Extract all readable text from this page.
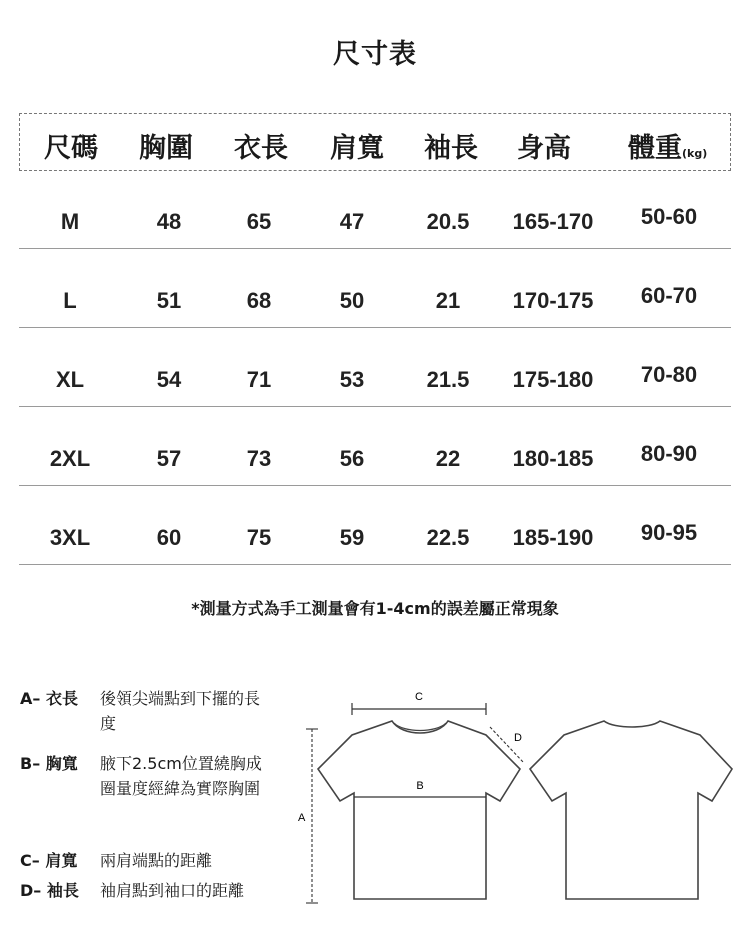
尺寸表
尺碼 胸圍 衣長 肩寬 袖長 身高 體重(kg)
M	48	65	47	20.5 165-170 50-60
L	51	68	50	21 170-175 60-70
XL	54	71	53	21.5 175-180 70-80
2XL	57	73	56	22 180-185 80-90
3XL	60	75	59	22.5 185-190 90-95
*測量方式為手工測量會有1-4cm的誤差屬正常現象
A– 衣長 後領尖端點到下擺的長度
B– 胸寬 腋下2.5cm位置繞胸成圈量度經緯為實際胸圍
C– 肩寬 兩肩端點的距離
D– 袖長 袖肩點到袖口的距離
C
D
B
A
